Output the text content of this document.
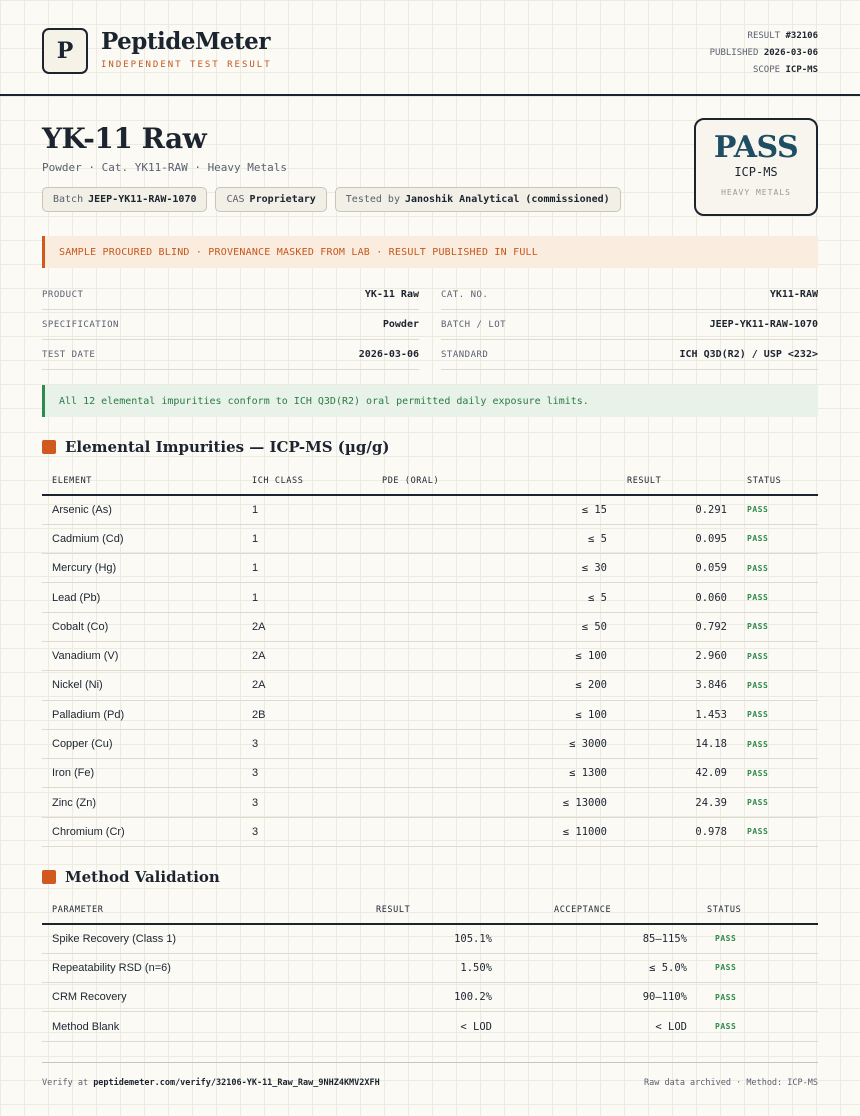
P	PeptideMeter
INDEPENDENT TEST RESULT
RESULT #32106
PUBLISHED 2026-03-06
SCOPE ICP-MS
YK-11 Raw
Powder · Cat. YK11-RAW · Heavy Metals
Batch JEEP-YK11-RAW-1070	CAS Proprietary	Tested by Janoshik Analytical (commissioned)
PASS
ICP-MS
HEAVY METALS
SAMPLE PROCURED BLIND · PROVENANCE MASKED FROM LAB · RESULT PUBLISHED IN FULL
PRODUCT	YK-11 Raw CAT. NO.	YK11-RAW
SPECIFICATION	Powder BATCH / LOT	JEEP-YK11-RAW-1070
TEST DATE	2026-03-06 STANDARD	ICH Q3D(R2) / USP <232>
All 12 elemental impurities conform to ICH Q3D(R2) oral permitted daily exposure limits.
Elemental Impurities — ICP-MS (µg/g)
ELEMENT	ICH CLASS	PDE (ORAL)	RESULT	STATUS
Arsenic (As)	1	≤ 15	0.291	PASS
Cadmium (Cd)	1	≤ 5	0.095	PASS
Mercury (Hg)	1	≤ 30	0.059	PASS
Lead (Pb)	1	≤ 5	0.060	PASS
Cobalt (Co)	2A	≤ 50	0.792	PASS
Vanadium (V)	2A	≤ 100	2.960	PASS
Nickel (Ni)	2A	≤ 200	3.846	PASS
Palladium (Pd)	2B	≤ 100	1.453	PASS
Copper (Cu)	3	≤ 3000	14.18	PASS
Iron (Fe)	3	≤ 1300	42.09	PASS
Zinc (Zn)	3	≤ 13000	24.39	PASS
Chromium (Cr)	3	≤ 11000	0.978	PASS
Method Validation
PARAMETER	RESULT	ACCEPTANCE	STATUS
Spike Recovery (Class 1)	105.1%	85–115%	PASS
Repeatability RSD (n=6)	1.50%	≤ 5.0%	PASS
CRM Recovery	100.2%	90–110%	PASS
Method Blank	< LOD	< LOD	PASS
Verify at peptidemeter.com/verify/32106-YK-11_Raw_Raw_9NHZ4KMV2XFH	Raw data archived · Method: ICP-MS
